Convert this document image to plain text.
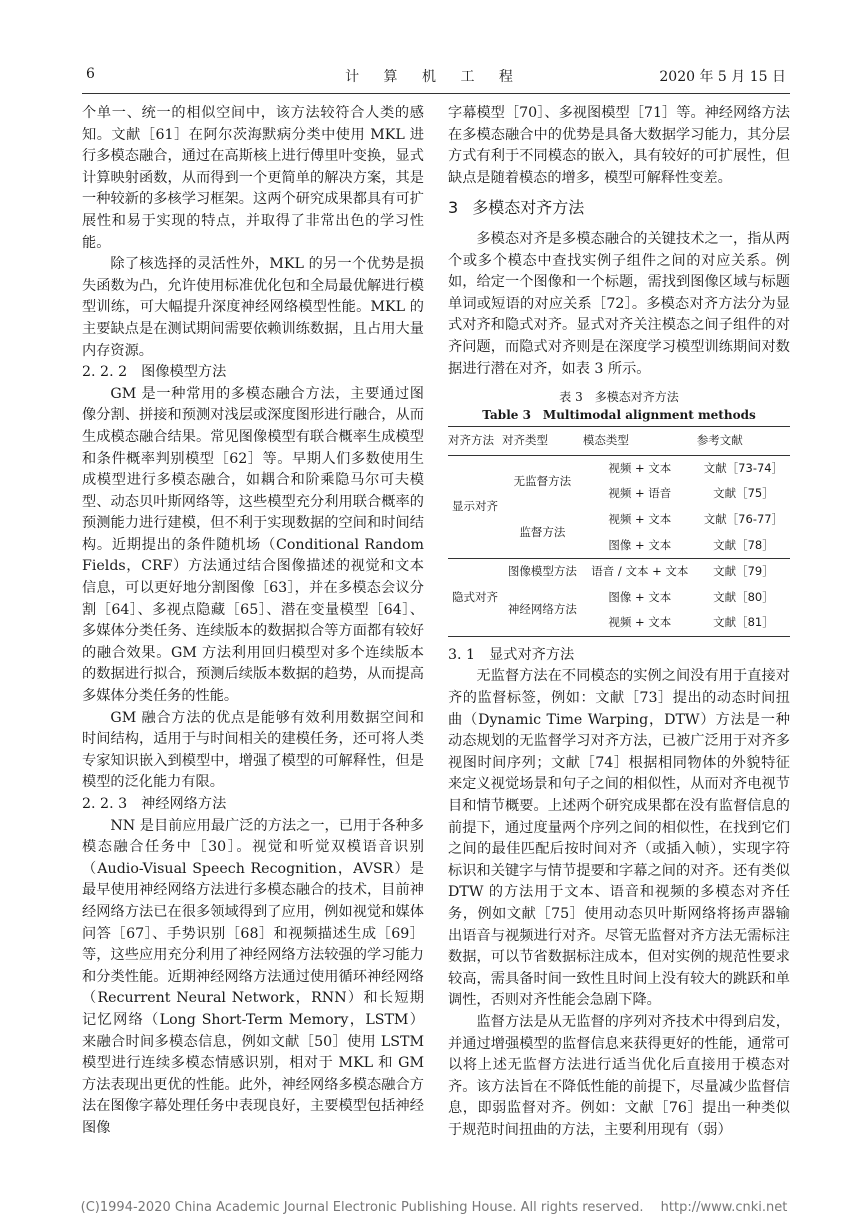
6	计 算 机 工 程	2020 年 5 月 15 日

个单一、统一的相似空间中，该方法较符合人类的感知。文献［61］在阿尔茨海默病分类中使用 MKL 进行多模态融合，通过在高斯核上进行傅里叶变换，显式计算映射函数，从而得到一个更简单的解决方案，其是一种较新的多核学习框架。这两个研究成果都具有可扩展性和易于实现的特点，并取得了非常出色的学习性能。

除了核选择的灵活性外，MKL 的另一个优势是损失函数为凸，允许使用标准优化包和全局最优解进行模型训练，可大幅提升深度神经网络模型性能。MKL 的主要缺点是在测试期间需要依赖训练数据，且占用大量内存资源。

2. 2. 2 图像模型方法

GM 是一种常用的多模态融合方法，主要通过图像分割、拼接和预测对浅层或深度图形进行融合，从而生成模态融合结果。常见图像模型有联合概率生成模型和条件概率判别模型［62］等。早期人们多数使用生成模型进行多模态融合，如耦合和阶乘隐马尔可夫模型、动态贝叶斯网络等，这些模型充分利用联合概率的预测能力进行建模，但不利于实现数据的空间和时间结构。近期提出的条件随机场（Conditional Random Fields，CRF）方法通过结合图像描述的视觉和文本信息，可以更好地分割图像［63］，并在多模态会议分割［64］、多视点隐藏［65］、潜在变量模型［64］、多媒体分类任务、连续版本的数据拟合等方面都有较好的融合效果。GM 方法利用回归模型对多个连续版本的数据进行拟合，预测后续版本数据的趋势，从而提高多媒体分类任务的性能。

GM 融合方法的优点是能够有效利用数据空间和时间结构，适用于与时间相关的建模任务，还可将人类专家知识嵌入到模型中，增强了模型的可解释性，但是模型的泛化能力有限。

2. 2. 3 神经网络方法

NN 是目前应用最广泛的方法之一，已用于各种多模态融合任务中［30］。视觉和听觉双模语音识别（Audio-Visual Speech Recognition，AVSR）是最早使用神经网络方法进行多模态融合的技术，目前神经网络方法已在很多领域得到了应用，例如视觉和媒体问答［67］、手势识别［68］和视频描述生成［69］等，这些应用充分利用了神经网络方法较强的学习能力和分类性能。近期神经网络方法通过使用循环神经网络（Recurrent Neural Network，RNN）和长短期记忆网络（Long Short-Term Memory，LSTM）来融合时间多模态信息，例如文献［50］使用 LSTM 模型进行连续多模态情感识别，相对于 MKL 和 GM 方法表现出更优的性能。此外，神经网络多模态融合方法在图像字幕处理任务中表现良好，主要模型包括神经图像

字幕模型［70］、多视图模型［71］等。神经网络方法在多模态融合中的优势是具备大数据学习能力，其分层方式有利于不同模态的嵌入，具有较好的可扩展性，但缺点是随着模态的增多，模型可解释性变差。

3 多模态对齐方法

多模态对齐是多模态融合的关键技术之一，指从两个或多个模态中查找实例子组件之间的对应关系。例如，给定一个图像和一个标题，需找到图像区域与标题单词或短语的对应关系［72］。多模态对齐方法分为显式对齐和隐式对齐。显式对齐关注模态之间子组件的对齐问题，而隐式对齐则是在深度学习模型训练期间对数据进行潜在对齐，如表 3 所示。

表 3　多模态对齐方法
Table 3　Multimodal alignment methods
对齐方法	对齐类型	模态类型	参考文献
显示对齐	无监督方法	视频 + 文本	文献［73-74］
		视频 + 语音	文献［75］
	监督方法	视频 + 文本	文献［76-77］
		图像 + 文本	文献［78］
隐式对齐	图像模型方法	语音 / 文本 + 文本	文献［79］
	神经网络方法	图像 + 文本	文献［80］
		视频 + 文本	文献［81］

3. 1 显式对齐方法

无监督方法在不同模态的实例之间没有用于直接对齐的监督标签，例如：文献［73］提出的动态时间扭曲（Dynamic Time Warping，DTW）方法是一种动态规划的无监督学习对齐方法，已被广泛用于对齐多视图时间序列；文献［74］根据相同物体的外貌特征来定义视觉场景和句子之间的相似性，从而对齐电视节目和情节概要。上述两个研究成果都在没有监督信息的前提下，通过度量两个序列之间的相似性，在找到它们之间的最佳匹配后按时间对齐（或插入帧），实现字符标识和关键字与情节提要和字幕之间的对齐。还有类似 DTW 的方法用于文本、语音和视频的多模态对齐任务，例如文献［75］使用动态贝叶斯网络将扬声器输出语音与视频进行对齐。尽管无监督对齐方法无需标注数据，可以节省数据标注成本，但对实例的规范性要求较高，需具备时间一致性且时间上没有较大的跳跃和单调性，否则对齐性能会急剧下降。

监督方法是从无监督的序列对齐技术中得到启发，并通过增强模型的监督信息来获得更好的性能，通常可以将上述无监督方法进行适当优化后直接用于模态对齐。该方法旨在不降低性能的前提下，尽量减少监督信息，即弱监督对齐。例如：文献［76］提出一种类似于规范时间扭曲的方法，主要利用现有（弱）

(C)1994-2020 China Academic Journal Electronic Publishing House. All rights reserved.　 http://www.cnki.net
